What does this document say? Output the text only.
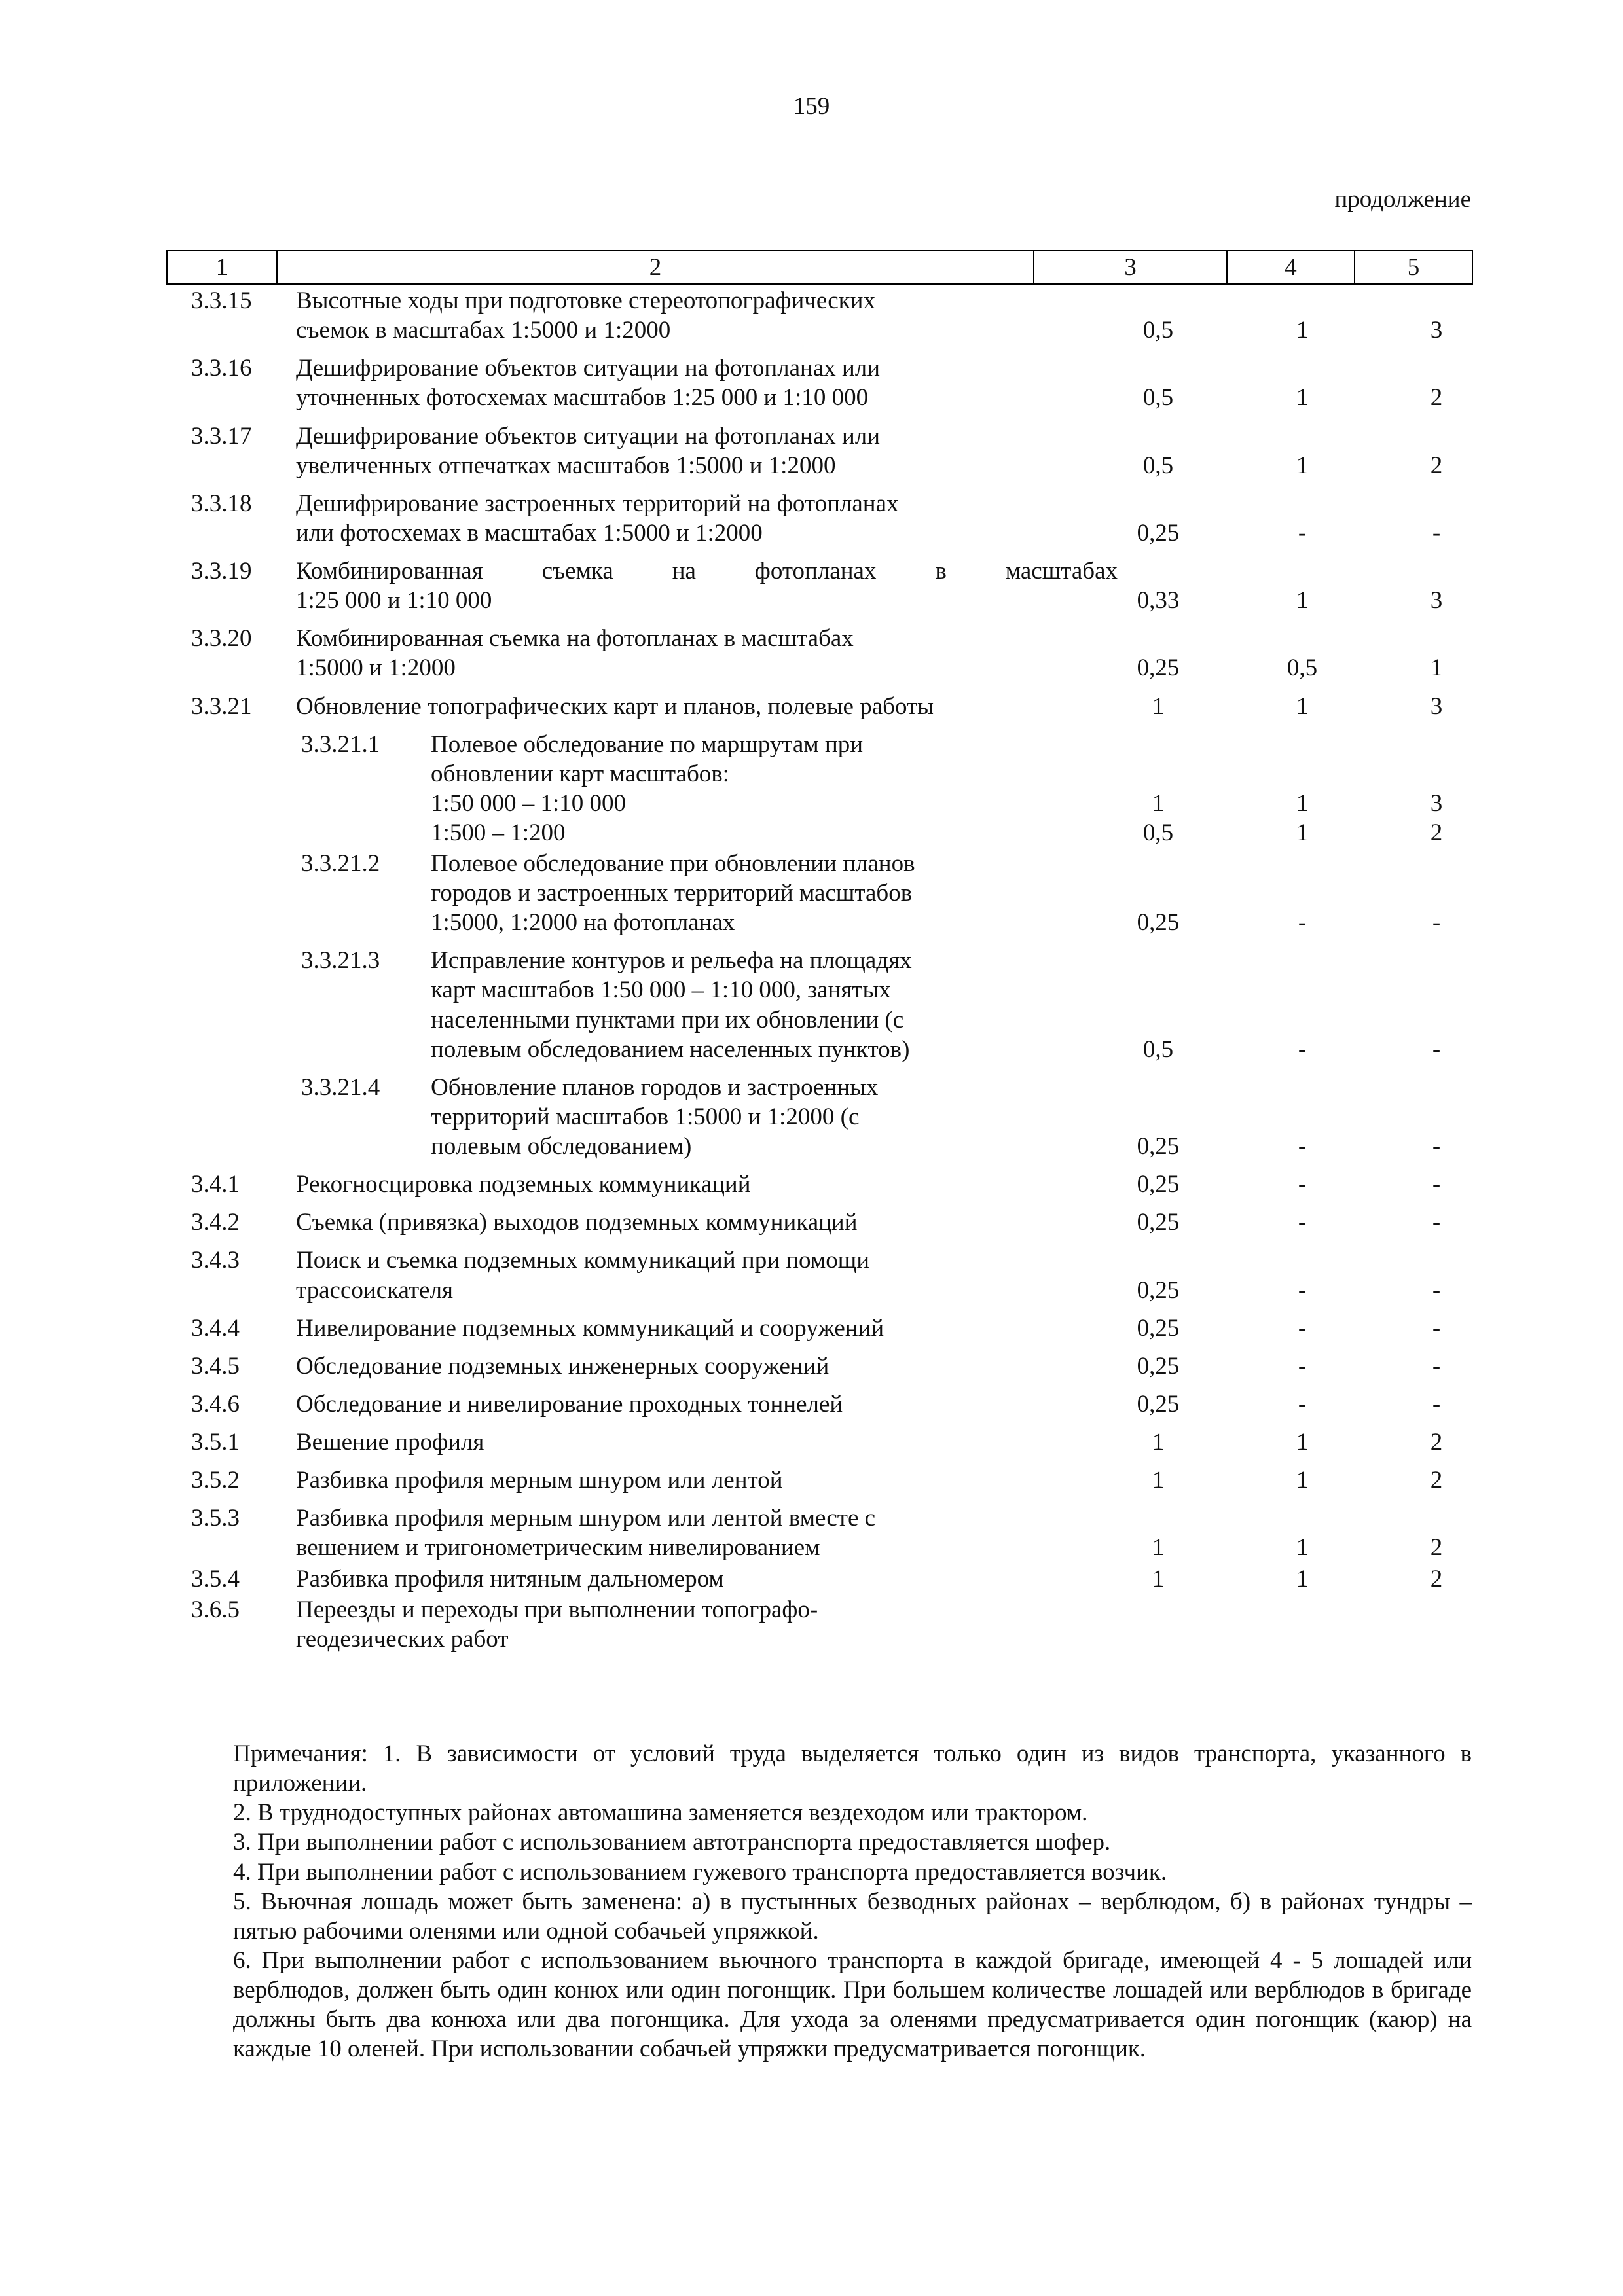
159
продолжение
1	2	3	4	5
3.3.15 Высотные ходы при подготовке стереотопографических
съемок в масштабах 1:5000 и 1:2000	0,5	1	3
3.3.16 Дешифрирование объектов ситуации на фотопланах или
уточненных фотосхемах масштабов 1:25 000 и 1:10 000	0,5	1	2
3.3.17 Дешифрирование объектов ситуации на фотопланах или
увеличенных отпечатках масштабов 1:5000 и 1:2000	0,5	1	2
3.3.18 Дешифрирование застроенных территорий на фотопланах
или фотосхемах в масштабах 1:5000 и 1:2000	0,25	-	-
3.3.19 Комбинированная съемка на фотопланах в масштабах
1:25 000 и 1:10 000	0,33	1	3
3.3.20 Комбинированная съемка на фотопланах в масштабах
1:5000 и 1:2000	0,25	0,5	1
3.3.21 Обновление топографических карт и планов, полевые работы	1	1	3
3.3.21.1 Полевое обследование по маршрутам при
обновлении карт масштабов:
1:50 000 – 1:10 000	1	1	3
1:500 – 1:200	0,5	1	2
3.3.21.2 Полевое обследование при обновлении планов
городов и застроенных территорий масштабов
1:5000, 1:2000 на фотопланах	0,25	-	-
3.3.21.3 Исправление контуров и рельефа на площадях
карт масштабов 1:50 000 – 1:10 000, занятых
населенными пунктами при их обновлении (с
полевым обследованием населенных пунктов)	0,5	-	-
3.3.21.4 Обновление планов городов и застроенных
территорий масштабов 1:5000 и 1:2000 (с
полевым обследованием)	0,25	-	-
3.4.1 Рекогносцировка подземных коммуникаций	0,25	-	-
3.4.2 Съемка (привязка) выходов подземных коммуникаций	0,25	-	-
3.4.3 Поиск и съемка подземных коммуникаций при помощи
трассоискателя	0,25	-	-
3.4.4 Нивелирование подземных коммуникаций и сооружений	0,25	-	-
3.4.5 Обследование подземных инженерных сооружений	0,25	-	-
3.4.6 Обследование и нивелирование проходных тоннелей	0,25	-	-
3.5.1 Вешение профиля	1	1	2
3.5.2 Разбивка профиля мерным шнуром или лентой	1	1	2
3.5.3 Разбивка профиля мерным шнуром или лентой вместе с
вешением и тригонометрическим нивелированием	1	1	2
3.5.4 Разбивка профиля нитяным дальномером	1	1	2
3.6.5 Переезды и переходы при выполнении топографо-
геодезических работ

Примечания: 1. В зависимости от условий труда выделяется только один из видов транспорта, указанного в приложении.

2. В труднодоступных районах автомашина заменяется вездеходом или трактором.

3. При выполнении работ с использованием автотранспорта предоставляется шофер.

4. При выполнении работ с использованием гужевого транспорта предоставляется возчик.

5. Вьючная лошадь может быть заменена: а) в пустынных безводных районах – верблюдом, б) в районах тундры – пятью рабочими оленями или одной собачьей упряжкой.

6. При выполнении работ с использованием вьючного транспорта в каждой бригаде, имеющей 4 - 5 лошадей или верблюдов, должен быть один конюх или один погонщик. При большем количестве лошадей или верблюдов в бригаде должны быть два конюха или два погонщика. Для ухода за оленями предусматривается один погонщик (каюр) на каждые 10 оленей. При использовании собачьей упряжки предусматривается погонщик.
